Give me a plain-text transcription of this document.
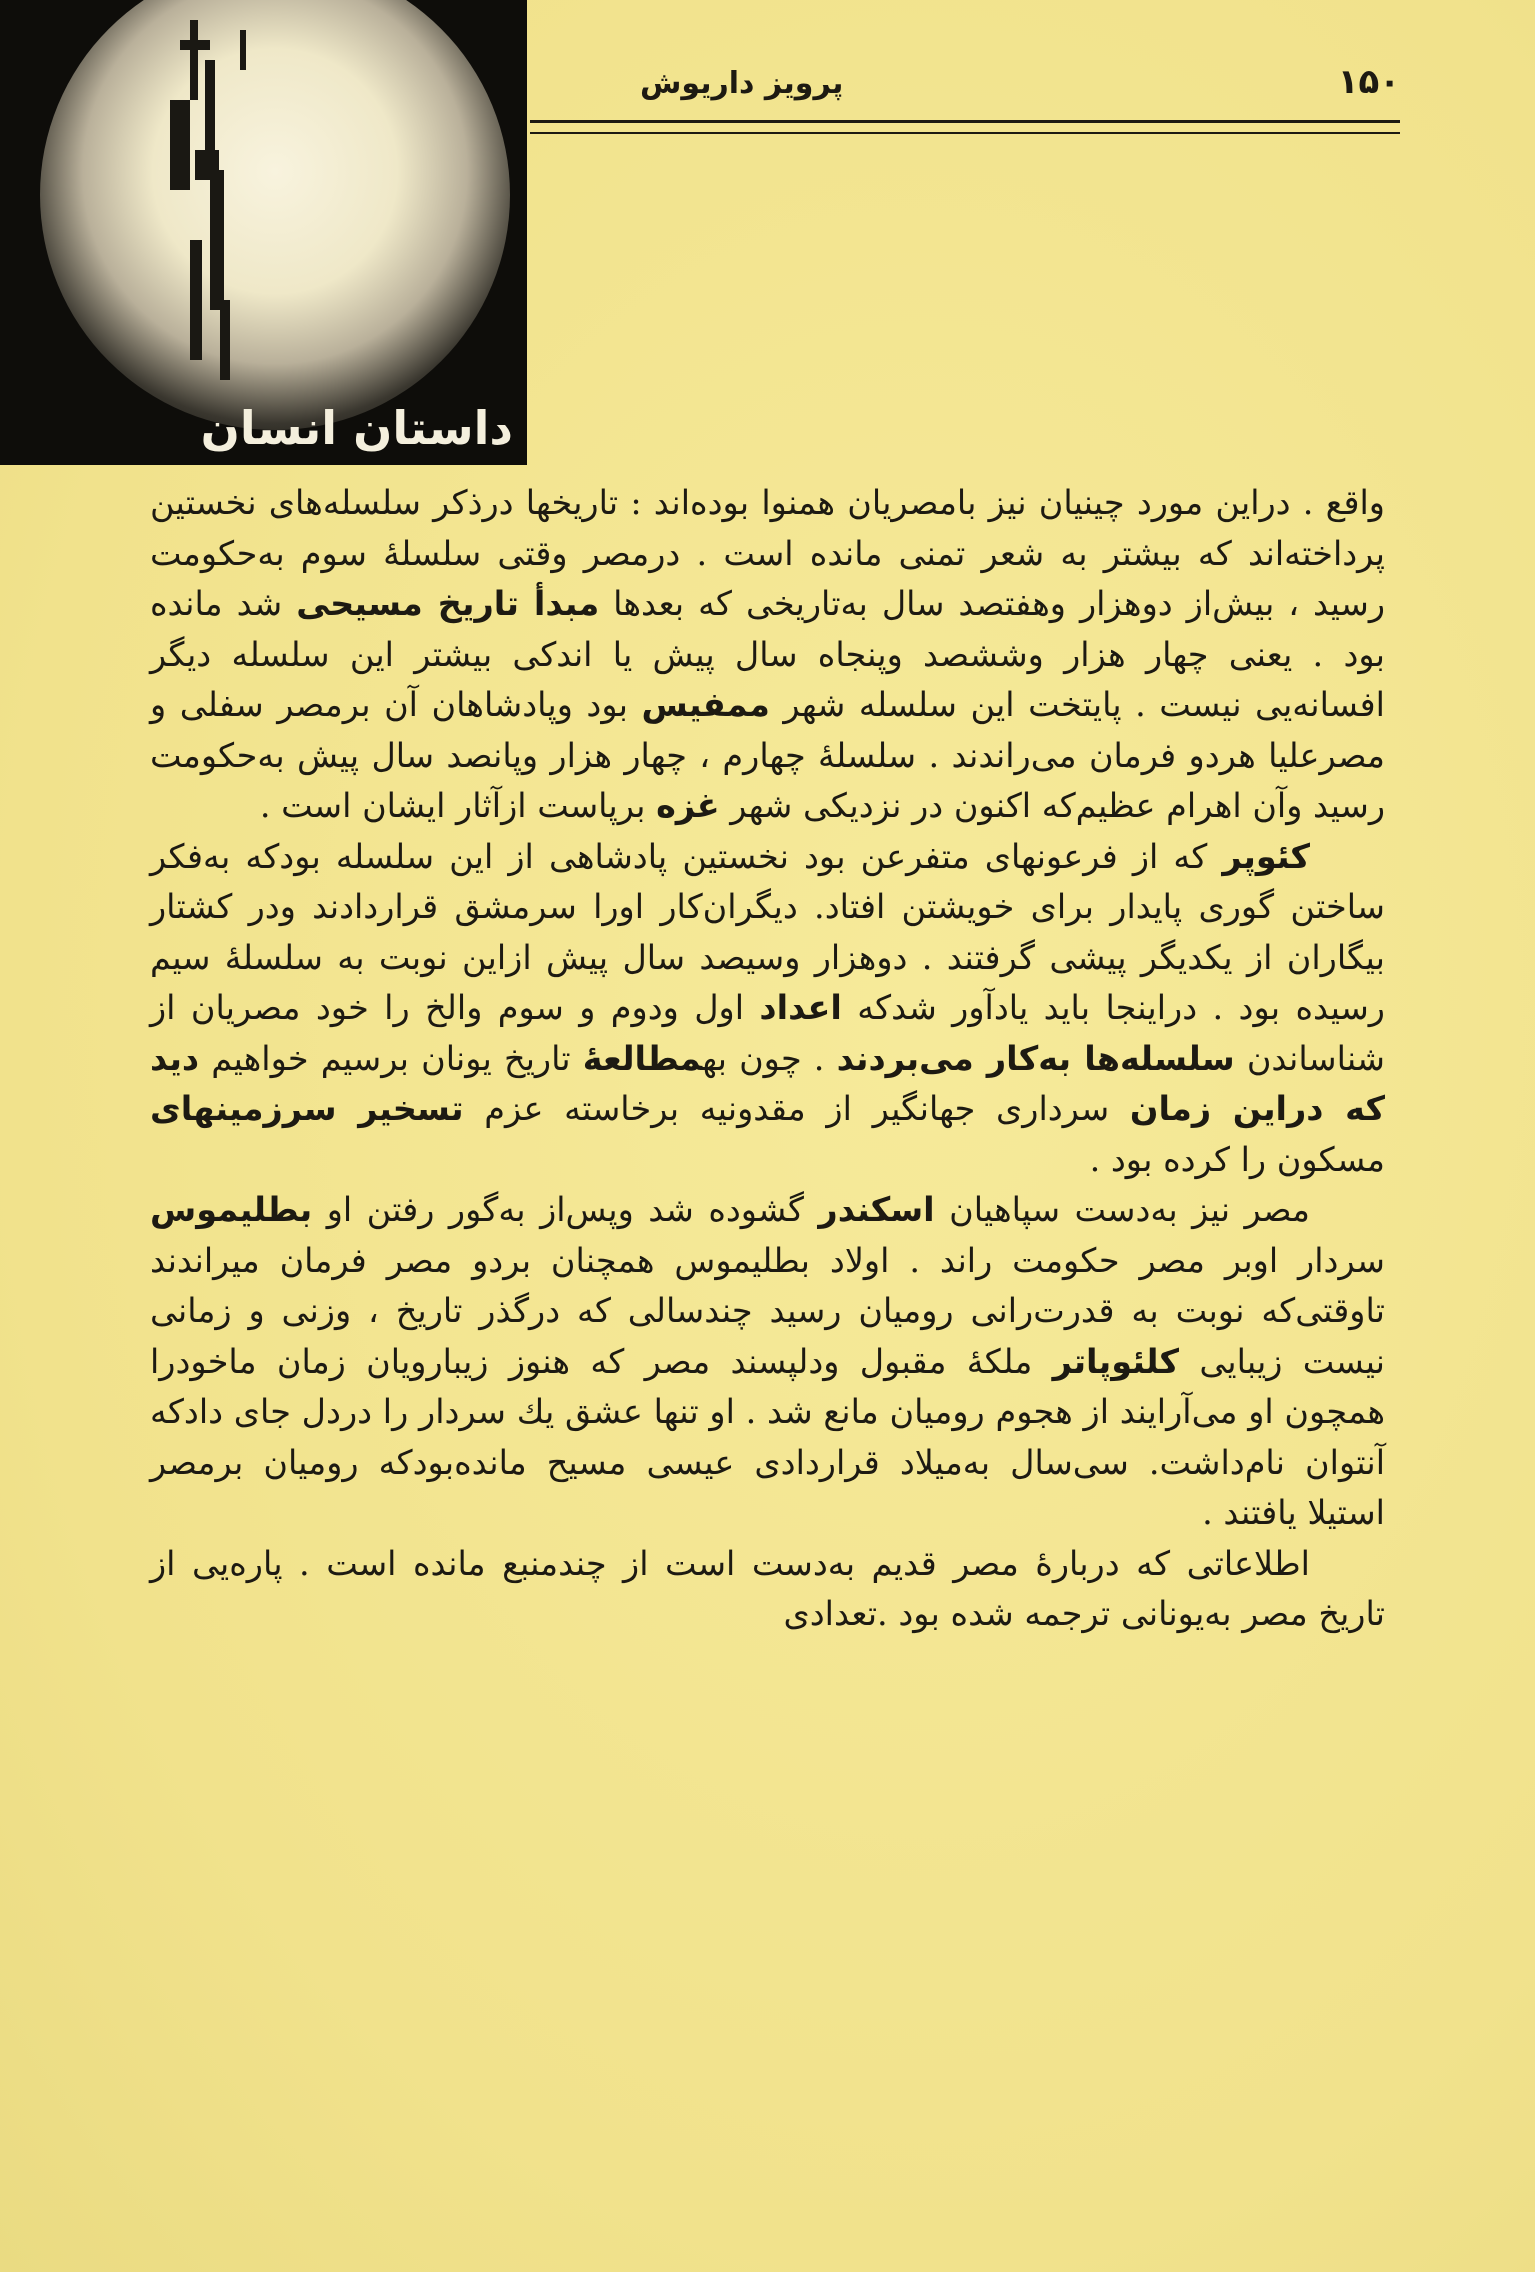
داستان انسان
۱۵۰
پرویز داریوش

واقع . دراین مورد چینیان نیز بامصریان همنوا بوده‌اند : تاریخها درذکر سلسله‌های نخستین پرداخته‌اند که بیشتر به شعر تمنی مانده است . درمصر وقتی سلسلهٔ سوم به‌حکومت رسید ، بیش‌از دوهزار وهفتصد سال به‌تاریخی که بعدها مبدأ تاریخ مسیحی شد مانده بود . یعنی چهار هزار وششصد وپنجاه سال پیش یا اندکی بیشتر این سلسله دیگر افسانه‌یی نیست . پایتخت این سلسله شهر ممفیس بود وپادشاهان آن برمصر سفلی و مصرعلیا هردو فرمان می‌راندند . سلسلهٔ چهارم ، چهار هزار وپانصد سال پیش به‌حکومت رسید وآن اهرام عظیم‌که اکنون در نزدیکی شهر غزه برپاست ازآثار ایشان است .

کئوپر که از فرعونهای متفرعن بود نخستین پادشاهی از این سلسله بودکه به‌فکر ساختن گوری پایدار برای خویشتن افتاد. دیگران‌کار اورا سرمشق قراردادند ودر کشتار بیگاران از یکدیگر پیشی گرفتند . دوهزار وسیصد سال پیش ازاین نوبت به سلسلهٔ سیم رسیده بود . دراینجا باید یادآور شدکه اعداد اول ودوم و سوم والخ را خود مصریان از شناساندن سلسله‌ها به‌کار می‌بردند . چون بهمطالعهٔ تاریخ یونان برسیم خواهیم دید که دراین زمان سرداری جهانگیر از مقدونیه برخاسته عزم تسخیر سرزمینهای مسکون را کرده بود .

مصر نیز به‌دست سپاهیان اسکندر گشوده شد وپس‌از به‌گور رفتن او بطلیموس سردار اوبر مصر حکومت راند . اولاد بطلیموس همچنان بردو مصر فرمان میراندند تاوقتی‌که نوبت به قدرت‌رانی رومیان رسید چندسالی که درگذر تاریخ ، وزنی و زمانی نیست زیبایی کلئوپاتر ملکهٔ مقبول ودلپسند مصر که هنوز زیبارویان زمان ماخودرا همچون او می‌آرایند از هجوم رومیان مانع شد . او تنها عشق یك سردار را دردل جای دادكه آنتوان نام‌داشت. سی‌سال به‌میلاد قراردادی عیسی مسیح مانده‌بودکه رومیان برمصر استیلا یافتند .

اطلاعاتی که دربارهٔ مصر قدیم به‌دست است از چندمنبع مانده است . پاره‌یی از تاریخ مصر به‌یونانی ترجمه شده بود .تعدادی
